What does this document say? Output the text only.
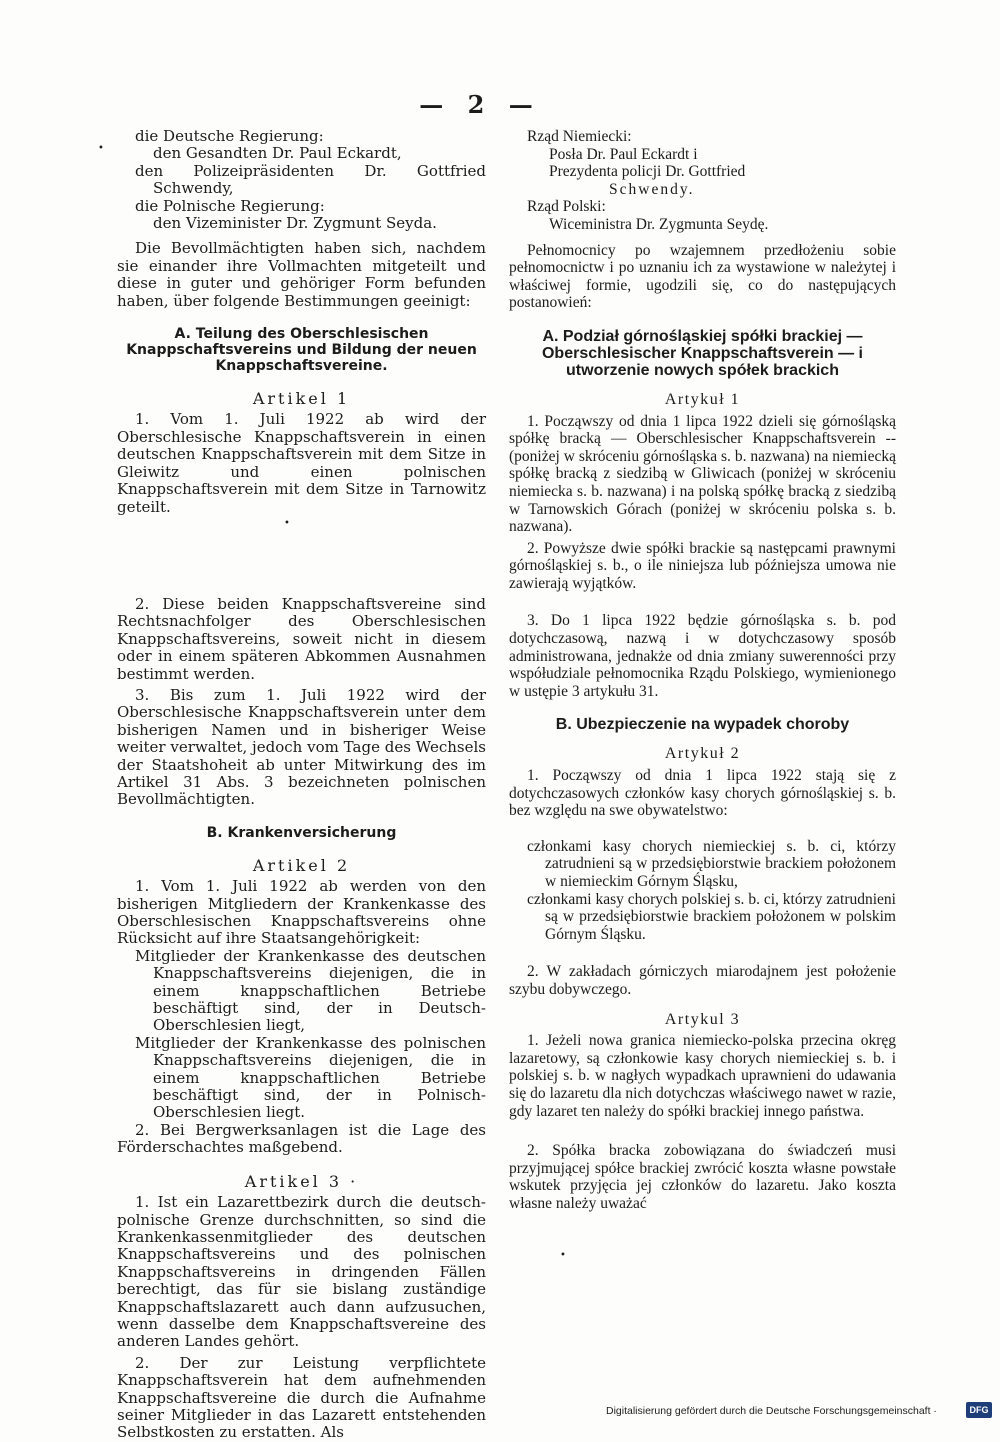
— 2 —

die Deutsche Regierung:

den Gesandten Dr. Paul Eckardt,

den Polizeipräsidenten Dr. Gottfried Schwendy,

die Polnische Regierung:

den Vizeminister Dr. Zygmunt Seyda.

Die Bevollmächtigten haben sich, nachdem sie einander ihre Vollmachten mitgeteilt und diese in guter und gehöriger Form befunden haben, über folgende Bestimmungen geeinigt:

A. Teilung des Oberschlesischen Knappschaftsvereins und Bildung der neuen Knappschaftsvereine.

Artikel 1

1. Vom 1. Juli 1922 ab wird der Oberschlesische Knappschaftsverein in einen deutschen Knappschaftsverein mit dem Sitze in Gleiwitz und einen polnischen Knappschaftsverein mit dem Sitze in Tarnowitz geteilt.

2. Diese beiden Knappschaftsvereine sind Rechtsnachfolger des Oberschlesischen Knappschaftsvereins, soweit nicht in diesem oder in einem späteren Abkommen Ausnahmen bestimmt werden.

3. Bis zum 1. Juli 1922 wird der Oberschlesische Knappschaftsverein unter dem bisherigen Namen und in bisheriger Weise weiter verwaltet, jedoch vom Tage des Wechsels der Staatshoheit ab unter Mitwirkung des im Artikel 31 Abs. 3 bezeichneten polnischen Bevollmächtigten.

B. Krankenversicherung

Artikel 2

1. Vom 1. Juli 1922 ab werden von den bisherigen Mitgliedern der Krankenkasse des Oberschlesischen Knappschaftsvereins ohne Rücksicht auf ihre Staatsangehörigkeit:

Mitglieder der Krankenkasse des deutschen Knappschaftsvereins diejenigen, die in einem knappschaftlichen Betriebe beschäftigt sind, der in Deutsch-Oberschlesien liegt,

Mitglieder der Krankenkasse des polnischen Knappschaftsvereins diejenigen, die in einem knappschaftlichen Betriebe beschäftigt sind, der in Polnisch-Oberschlesien liegt.

2. Bei Bergwerksanlagen ist die Lage des Förderschachtes maßgebend.

Artikel 3 ·

1. Ist ein Lazarettbezirk durch die deutsch-polnische Grenze durchschnitten, so sind die Krankenkassenmitglieder des deutschen Knappschaftsvereins und des polnischen Knappschaftsvereins in dringenden Fällen berechtigt, das für sie bislang zuständige Knappschaftslazarett auch dann aufzusuchen, wenn dasselbe dem Knappschaftsvereine des anderen Landes gehört.

2. Der zur Leistung verpflichtete Knappschaftsverein hat dem aufnehmenden Knappschaftsvereine die durch die Aufnahme seiner Mitglieder in das Lazarett entstehenden Selbstkosten zu erstatten. Als

Rząd Niemiecki:

Posła Dr. Paul Eckardt i

Prezydenta policji Dr. Gottfried

Schwendy.

Rząd Polski:

Wiceministra Dr. Zygmunta Seydę.

Pełnomocnicy po wzajemnem przedłożeniu sobie pełnomocnictw i po uznaniu ich za wystawione w należytej i właściwej formie, ugodzili się, co do następujących postanowień:

A. Podział górnośląskiej spółki brackiej — Oberschlesischer Knappschaftsverein — i utworzenie nowych spółek brackich

Artykuł 1

1. Począwszy od dnia 1 lipca 1922 dzieli się górnośląską spółkę bracką — Oberschlesischer Knappschaftsverein -- (poniżej w skróceniu górnośląska s. b. nazwana) na niemiecką spółkę bracką z siedzibą w Gliwicach (poniżej w skróceniu niemiecka s. b. nazwana) i na polską spółkę bracką z siedzibą w Tarnowskich Górach (poniżej w skróceniu polska s. b. nazwana).

2. Powyższe dwie spółki brackie są następcami prawnymi górnośląskiej s. b., o ile niniejsza lub późniejsza umowa nie zawierają wyjątków.

3. Do 1 lipca 1922 będzie górnośląska s. b. pod dotychczasową, nazwą i w dotychczasowy sposób administrowana, jednakże od dnia zmiany suwerenności przy współudziale pełnomocnika Rządu Polskiego, wymienionego w ustępie 3 artykułu 31.

B. Ubezpieczenie na wypadek choroby

Artykuł 2

1. Począwszy od dnia 1 lipca 1922 stają się z dotychczasowych członków kasy chorych górnośląskiej s. b. bez względu na swe obywatelstwo:

członkami kasy chorych niemieckiej s. b. ci, którzy zatrudnieni są w przedsiębiorstwie brackiem położonem w niemieckim Górnym Śląsku,

członkami kasy chorych polskiej s. b. ci, którzy zatrudnieni są w przedsiębiorstwie brackiem położonem w polskim Górnym Śląsku.

2. W zakładach górniczych miarodajnem jest położenie szybu dobywczego.

Artykul 3

1. Jeżeli nowa granica niemiecko-polska przecina okręg lazaretowy, są członkowie kasy chorych niemieckiej s. b. i polskiej s. b. w nagłych wypadkach uprawnieni do udawania się do lazaretu dla nich dotychczas właściwego nawet w razie, gdy lazaret ten należy do spółki brackiej innego państwa.

2. Spółka bracka zobowiązana do świadczeń musi przyjmującej spółce brackiej zwrócić koszta własne powstałe wskutek przyjęcia jej członków do lazaretu. Jako koszta własne należy uważać

•
•
•
Digitalisierung gefördert durch die Deutsche Forschungsgemeinschaft ·	DFG
